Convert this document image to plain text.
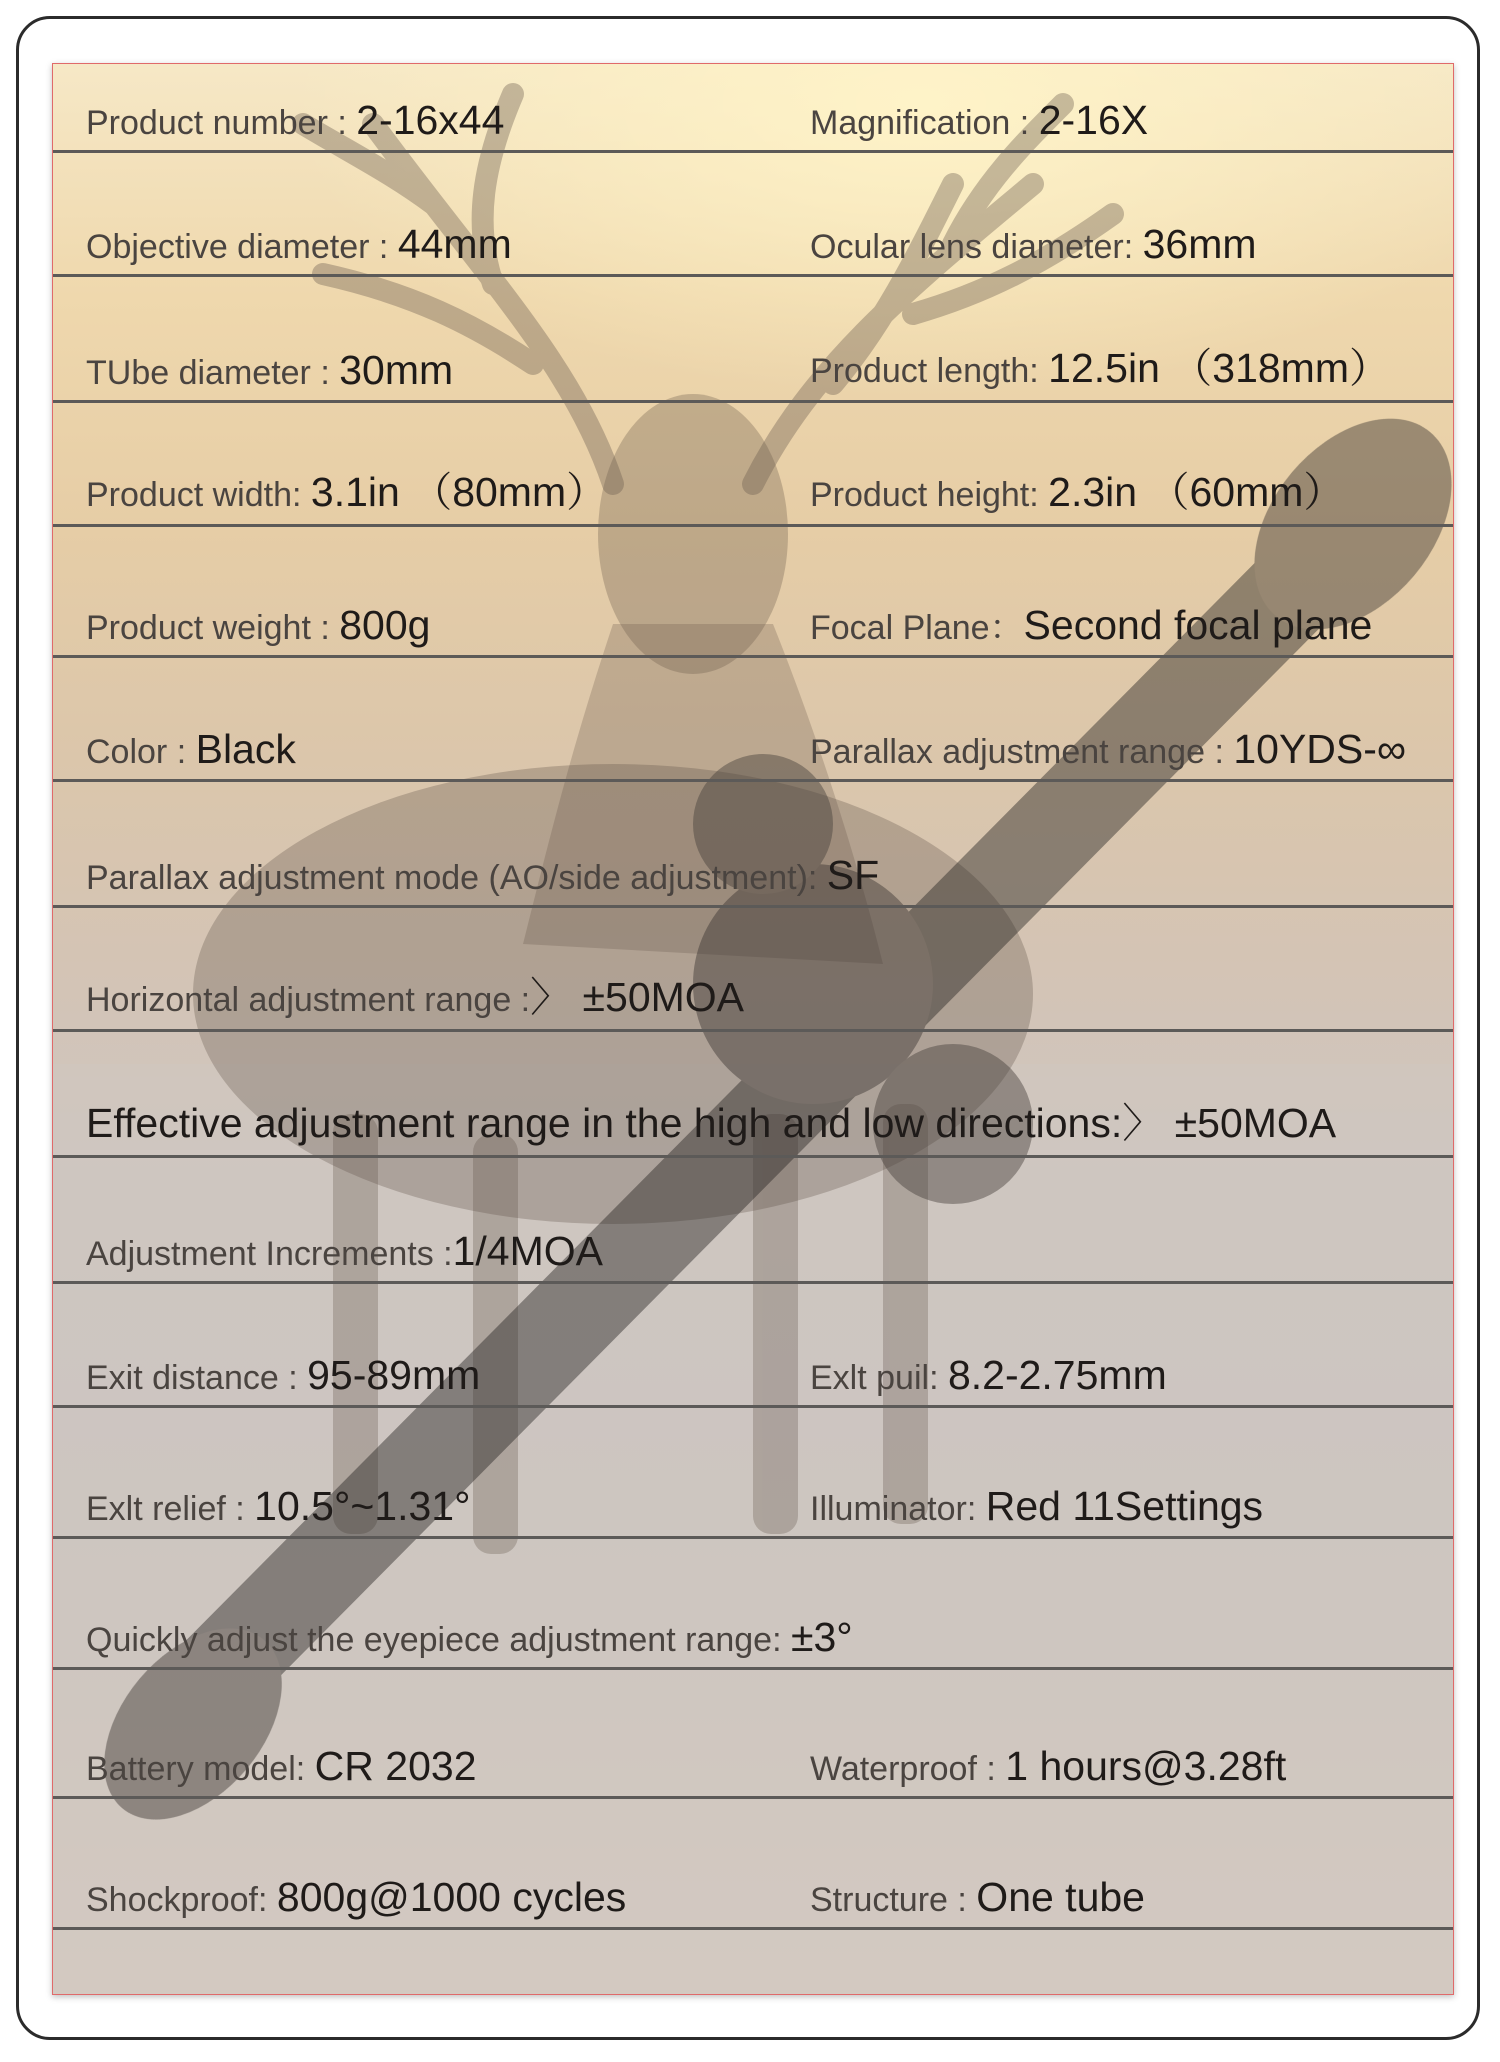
Product number : 2-16x44	Magnification : 2-16X
Objective diameter : 44mm	Ocular lens diameter: 36mm
TUbe diameter : 30mm	Product length: 12.5in （318mm）
Product width: 3.1in （80mm）	Product height: 2.3in （60mm）
Product weight : 800g	Focal Plane：Second focal plane
Color : Black	Parallax adjustment range : 10YDS-∞
Parallax adjustment mode (AO/side adjustment): SF
Horizontal adjustment range :〉 ±50MOA
Effective adjustment range in the high and low directions:〉 ±50MOA
Adjustment Increments :1/4MOA
Exit distance : 95-89mm	Exlt puil: 8.2-2.75mm
Exlt relief : 10.5°~1.31°	Illuminator: Red 11Settings
Quickly adjust the eyepiece adjustment range: ±3°
Battery model: CR 2032	Waterproof : 1 hours@3.28ft
Shockproof: 800g@1000 cycles	Structure : One tube
